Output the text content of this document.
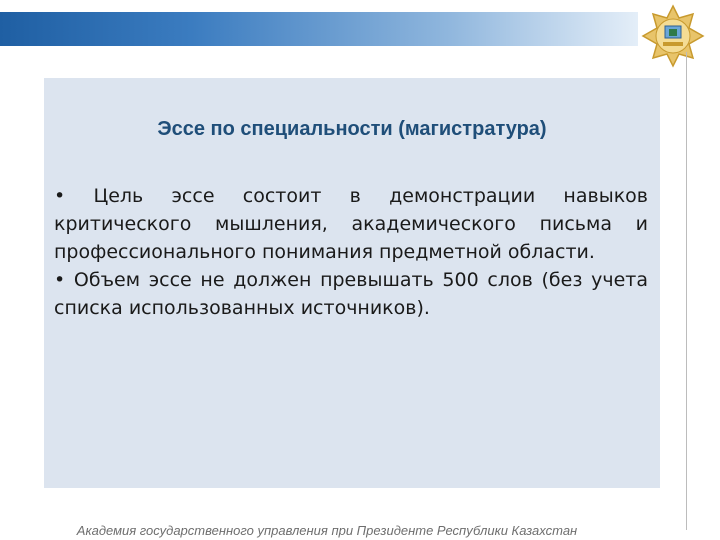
Эссе по специальности (магистратура)

• Цель эссе состоит в демонстрации навыков критического мышления, академического письма и профессионального понимания предметной области.

• Объем эссе не должен превышать 500 слов (без учета списка использованных источников).

Академия государственного управления при Президенте Республики Казахстан
